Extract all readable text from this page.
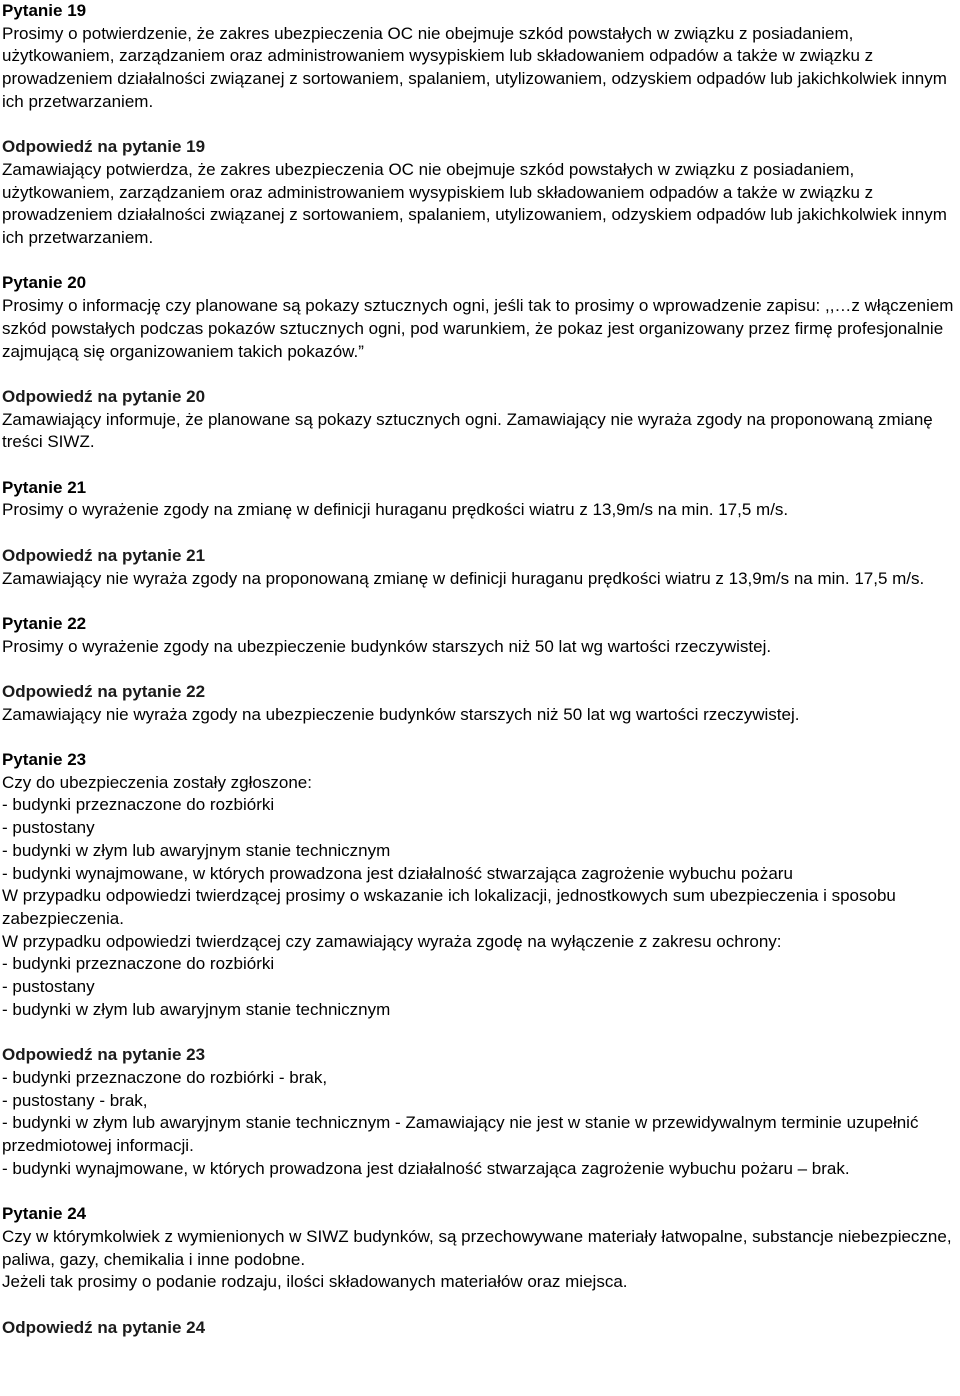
Pytanie 19
Prosimy o potwierdzenie, że zakres ubezpieczenia OC nie obejmuje szkód powstałych w związku z posiadaniem, użytkowaniem, zarządzaniem oraz administrowaniem wysypiskiem lub składowaniem odpadów a także w związku z prowadzeniem działalności związanej z sortowaniem, spalaniem, utylizowaniem, odzyskiem odpadów lub jakichkolwiek innym ich przetwarzaniem.
Odpowiedź na pytanie 19
Zamawiający potwierdza, że zakres ubezpieczenia OC nie obejmuje szkód powstałych w związku z posiadaniem, użytkowaniem, zarządzaniem oraz administrowaniem wysypiskiem lub składowaniem odpadów a także w związku z prowadzeniem działalności związanej z sortowaniem, spalaniem, utylizowaniem, odzyskiem odpadów lub jakichkolwiek innym ich przetwarzaniem.
Pytanie 20
Prosimy o informację czy planowane są pokazy sztucznych ogni, jeśli tak to prosimy o wprowadzenie zapisu: ,,…z włączeniem szkód powstałych podczas pokazów sztucznych ogni, pod warunkiem, że pokaz jest organizowany przez firmę profesjonalnie zajmującą się organizowaniem takich pokazów.”
Odpowiedź na pytanie 20
Zamawiający informuje, że planowane są pokazy sztucznych ogni. Zamawiający nie wyraża zgody na proponowaną zmianę treści SIWZ.
Pytanie 21
Prosimy o wyrażenie zgody na zmianę w definicji huraganu prędkości wiatru z 13,9m/s na min. 17,5 m/s.
Odpowiedź na pytanie 21
Zamawiający nie wyraża zgody na proponowaną zmianę w definicji huraganu prędkości wiatru z 13,9m/s na min. 17,5 m/s.
Pytanie 22
Prosimy o wyrażenie zgody na ubezpieczenie budynków starszych niż 50 lat wg wartości rzeczywistej.
Odpowiedź na pytanie 22
Zamawiający nie wyraża zgody na ubezpieczenie budynków starszych niż 50 lat wg wartości rzeczywistej.
Pytanie 23
Czy do ubezpieczenia zostały zgłoszone:
- budynki przeznaczone do rozbiórki
- pustostany
- budynki w złym lub awaryjnym stanie technicznym
- budynki wynajmowane, w których prowadzona jest działalność stwarzająca zagrożenie wybuchu pożaru
W przypadku odpowiedzi twierdzącej prosimy o wskazanie ich lokalizacji, jednostkowych sum ubezpieczenia i sposobu zabezpieczenia.
W przypadku odpowiedzi twierdzącej czy zamawiający wyraża zgodę na wyłączenie z zakresu ochrony:
- budynki przeznaczone do rozbiórki
- pustostany
- budynki w złym lub awaryjnym stanie technicznym
Odpowiedź na pytanie 23
- budynki przeznaczone do rozbiórki - brak,
- pustostany - brak,
- budynki w złym lub awaryjnym stanie technicznym - Zamawiający nie jest w stanie w przewidywalnym terminie uzupełnić przedmiotowej informacji.
- budynki wynajmowane, w których prowadzona jest działalność stwarzająca zagrożenie wybuchu pożaru – brak.
Pytanie 24
Czy w którymkolwiek z wymienionych w SIWZ budynków, są przechowywane materiały łatwopalne, substancje niebezpieczne, paliwa, gazy, chemikalia i inne podobne.
Jeżeli tak prosimy o podanie rodzaju, ilości składowanych materiałów oraz miejsca.
Odpowiedź na pytanie 24
